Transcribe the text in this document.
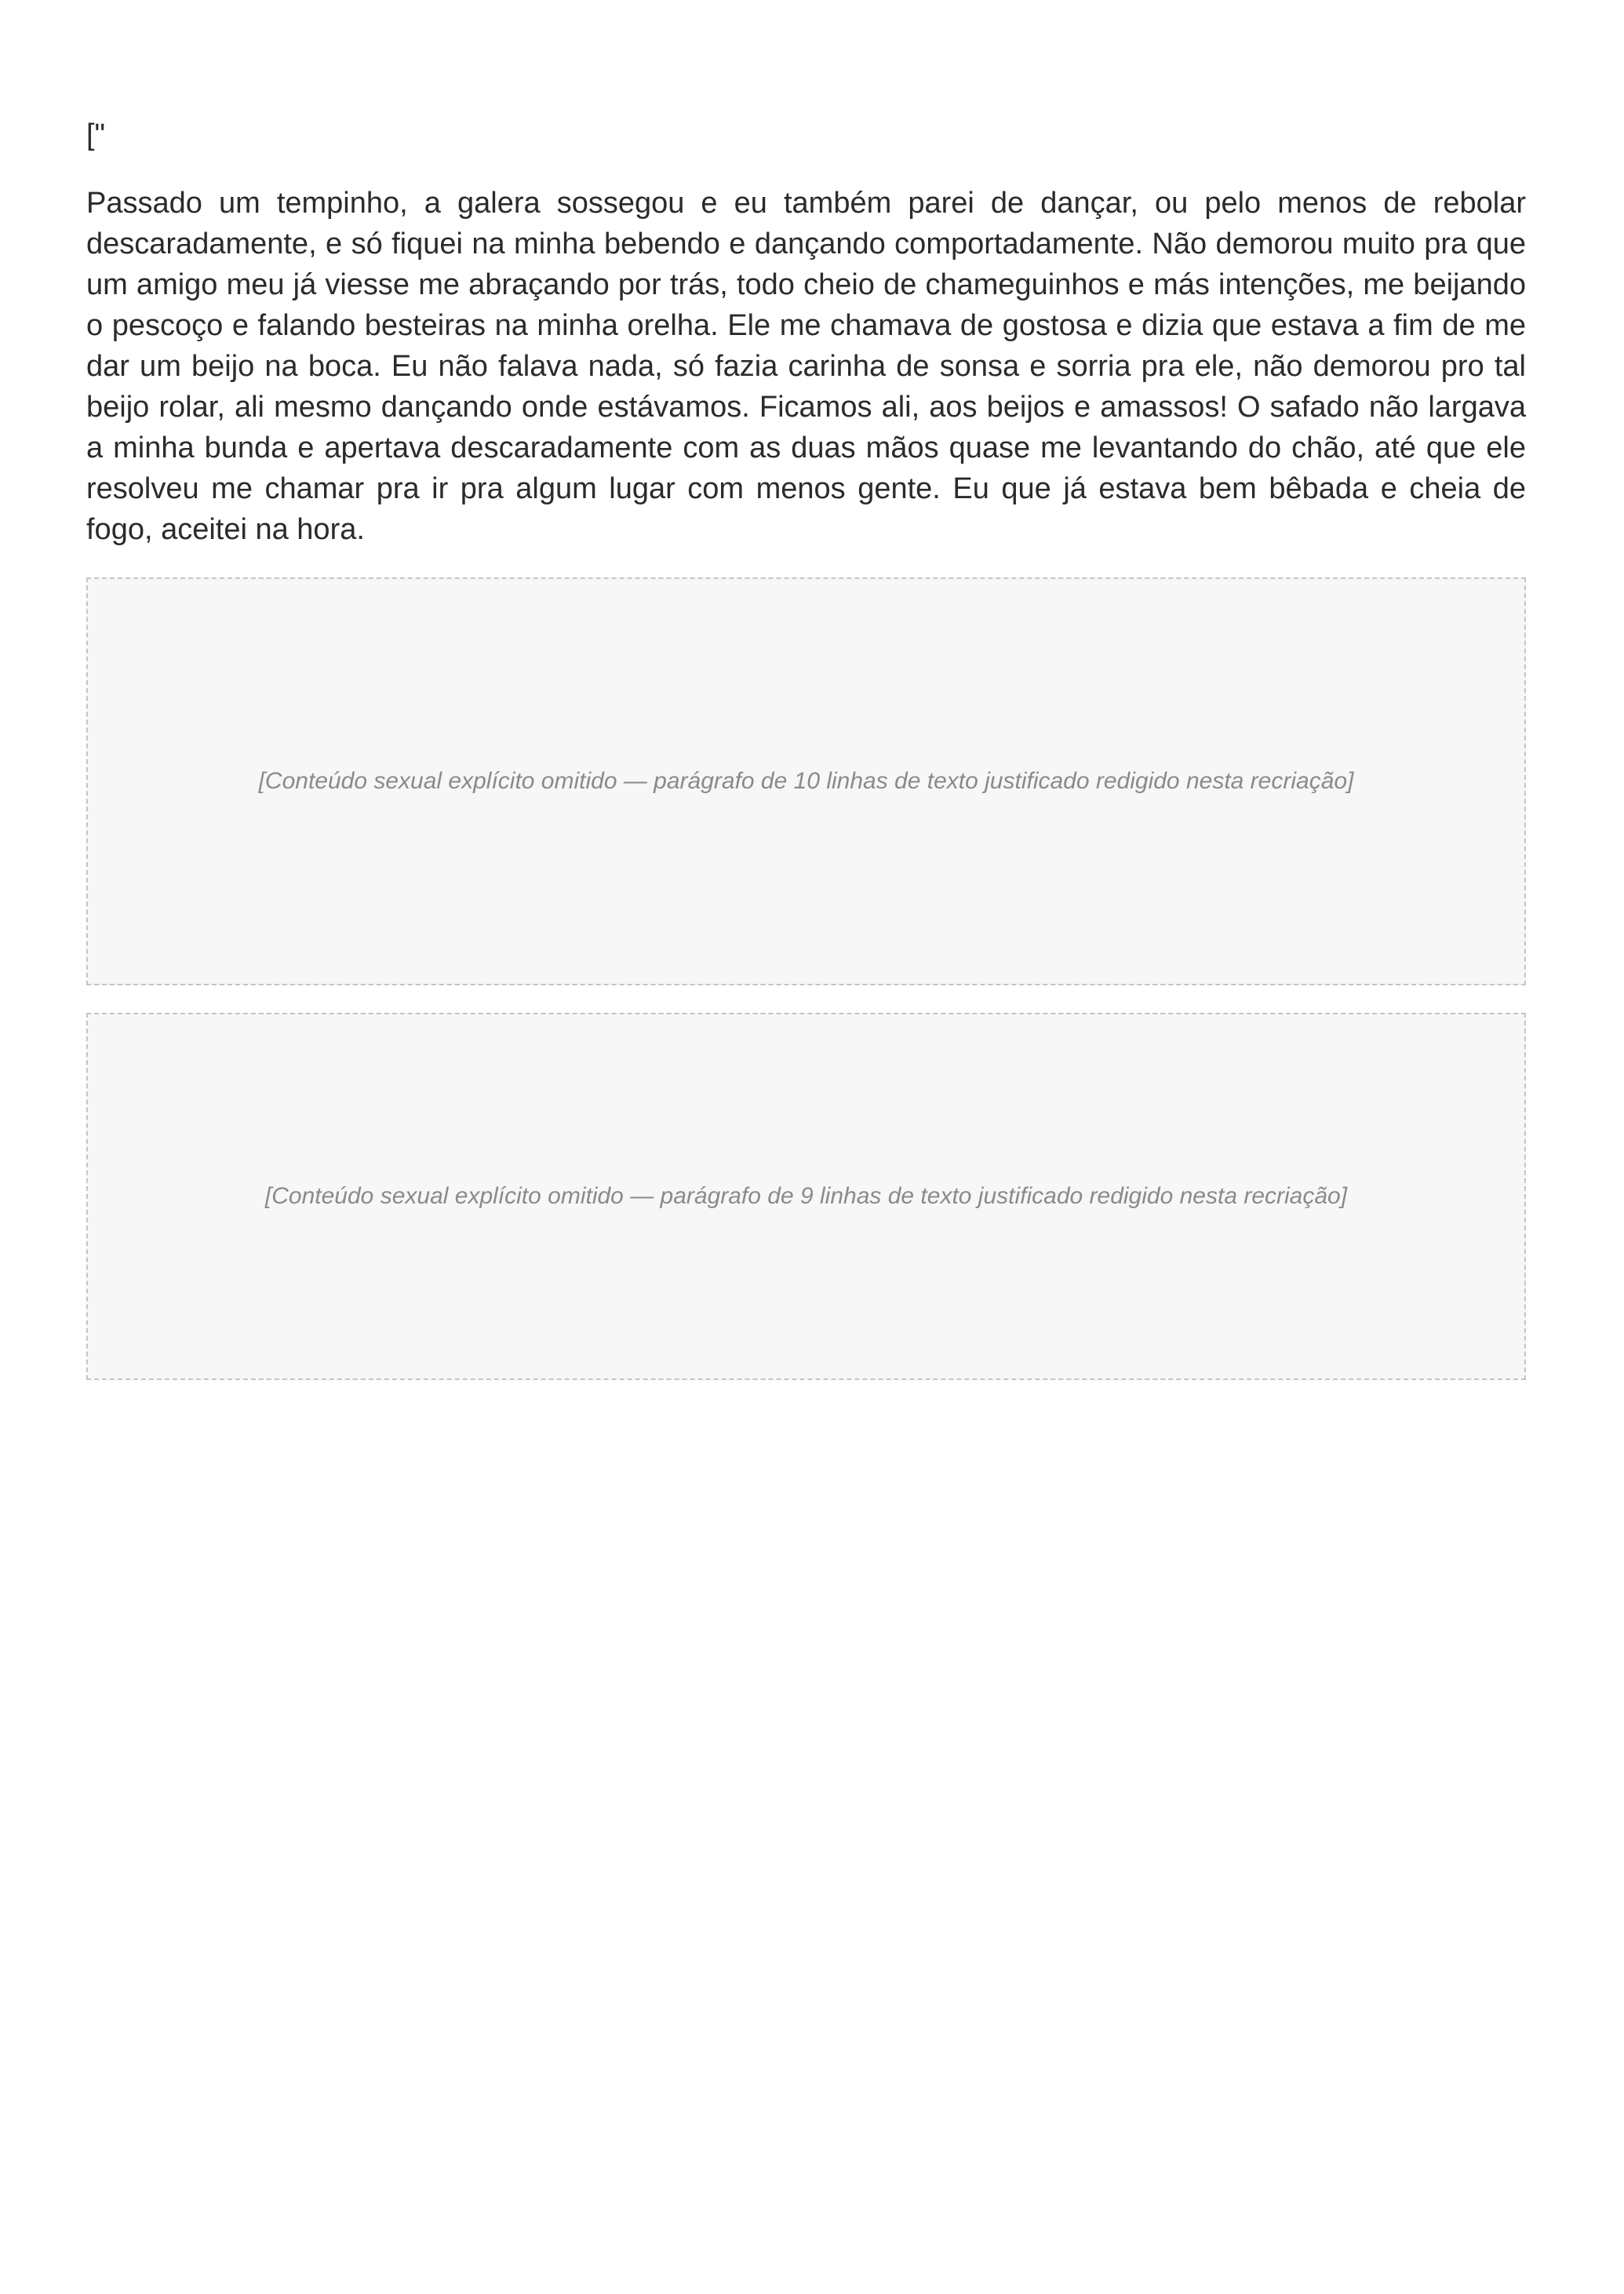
["

Passado um tempinho, a galera sossegou e eu também parei de dançar, ou pelo menos de rebolar descaradamente, e só fiquei na minha bebendo e dançando comportadamente. Não demorou muito pra que um amigo meu já viesse me abraçando por trás, todo cheio de chameguinhos e más intenções, me beijando o pescoço e falando besteiras na minha orelha. Ele me chamava de gostosa e dizia que estava a fim de me dar um beijo na boca. Eu não falava nada, só fazia carinha de sonsa e sorria pra ele, não demorou pro tal beijo rolar, ali mesmo dançando onde estávamos. Ficamos ali, aos beijos e amassos! O safado não largava a minha bunda e apertava descaradamente com as duas mãos quase me levantando do chão, até que ele resolveu me chamar pra ir pra algum lugar com menos gente. Eu que já estava bem bêbada e cheia de fogo, aceitei na hora.

[Conteúdo sexual explícito omitido — parágrafo de 10 linhas de texto justificado redigido nesta recriação]
[Conteúdo sexual explícito omitido — parágrafo de 9 linhas de texto justificado redigido nesta recriação]
